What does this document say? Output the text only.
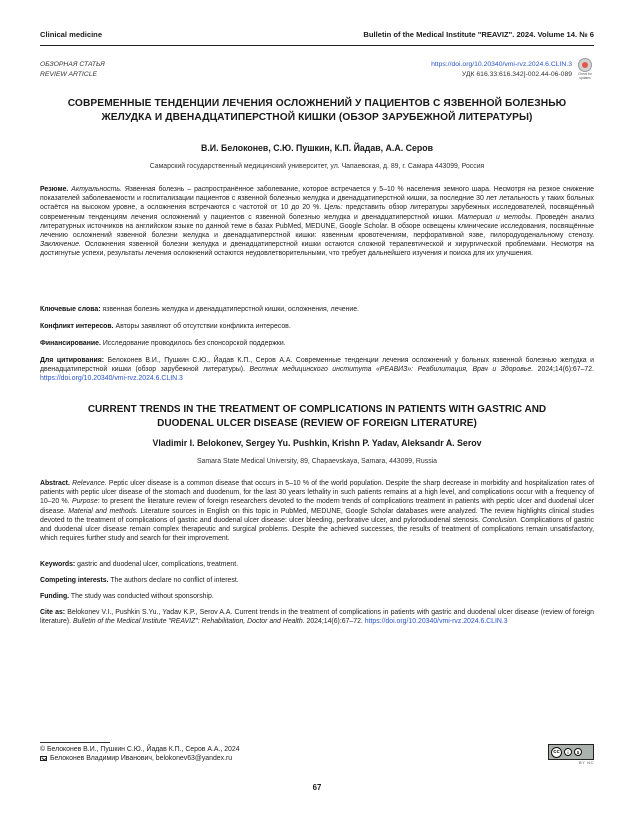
Clinical medicine	Bulletin of the Medical Institute "REAVIZ". 2024. Volume 14. № 6
ОБЗОРНАЯ СТАТЬЯ
REVIEW ARTICLE
https://doi.org/10.20340/vmi-rvz.2024.6.CLIN.3
УДК 616.33:616.342]-002.44-06-089	Check for updates
СОВРЕМЕННЫЕ ТЕНДЕНЦИИ ЛЕЧЕНИЯ ОСЛОЖНЕНИЙ У ПАЦИЕНТОВ С ЯЗВЕННОЙ БОЛЕЗНЬЮ ЖЕЛУДКА И ДВЕНАДЦАТИПЕРСТНОЙ КИШКИ (ОБЗОР ЗАРУБЕЖНОЙ ЛИТЕРАТУРЫ)
В.И. Белоконев, С.Ю. Пушкин, К.П. Йадав, А.А. Серов
Самарский государственный медицинский университет, ул. Чапаевская, д. 89, г. Самара 443099, Россия
Резюме. Актуальность. Язвенная болезнь – распространённое заболевание, которое встречается у 5–10 % населения земного шара. Несмотря на резкое снижение показателей заболеваемости и госпитализации пациентов с язвенной болезнью желудка и двенадцатиперстной кишки, за последние 30 лет летальность у таких больных остаётся на высоком уровне, а осложнения встречаются с частотой от 10 до 20 %. Цель: представить обзор литературы зарубежных исследователей, посвящённый современным тенденциям лечения осложнений у пациентов с язвенной болезнью желудка и двенадцатиперстной кишки. Материал и методы. Проведён анализ литературных источников на английском языке по данной теме в базах PubMed, MEDUNE, Google Scholar. В обзоре освещены клинические исследования, посвящённые лечению осложнений язвенной болезни желудка и двенадцатиперстной кишки: язвенным кровотечениям, перфоративной язве, пилородуоденальному стенозу. Заключение. Осложнения язвенной болезни желудка и двенадцатиперстной кишки остаются сложной терапевтической и хирургической проблемами. Несмотря на достигнутые успехи, результаты лечения осложнений остаются неудовлетворительными, что требует дальнейшего изучения и поиска для их улучшения.
Ключевые слова: язвенная болезнь желудка и двенадцатиперстной кишки, осложнения, лечение.
Конфликт интересов. Авторы заявляют об отсутствии конфликта интересов.
Финансирование. Исследование проводилось без спонсорской поддержки.
Для цитирования: Белоконев В.И., Пушкин С.Ю., Йадав К.П., Серов А.А. Современные тенденции лечения осложнений у больных язвенной болезнью желудка и двенадцатиперстной кишки (обзор зарубежной литературы). Вестник медицинского института «РЕАВИЗ»: Реабилитация, Врач и Здоровье. 2024;14(6):67–72. https://doi.org/10.20340/vmi-rvz.2024.6.CLIN.3
CURRENT TRENDS IN THE TREATMENT OF COMPLICATIONS IN PATIENTS WITH GASTRIC AND DUODENAL ULCER DISEASE (REVIEW OF FOREIGN LITERATURE)
Vladimir I. Belokonev, Sergey Yu. Pushkin, Krishn P. Yadav, Aleksandr A. Serov
Samara State Medical University, 89, Chapaevskaya, Samara, 443099, Russia
Abstract. Relevance. Peptic ulcer disease is a common disease that occurs in 5–10 % of the world population. Despite the sharp decrease in morbidity and hospitalization rates of patients with peptic ulcer disease of the stomach and duodenum, for the last 30 years lethality in such patients remains at a high level, and complications occur with a frequency of 10–20 %. Purpose: to present the literature review of foreign researchers devoted to the modern trends of complications treatment in patients with peptic ulcer and duodenal ulcer disease. Material and methods. Literature sources in English on this topic in PubMed, MEDUNE, Google Scholar databases were analyzed. The review highlights clinical studies devoted to the treatment of complications of gastric and duodenal ulcer disease: ulcer bleeding, perforative ulcer, and pyloroduodenal stenosis. Conclusion. Complications of gastric and duodenal ulcer disease remain complex therapeutic and surgical problems. Despite the achieved successes, the results of treatment of complications remain unsatisfactory, which requires further study and search for their improvement.
Keywords: gastric and duodenal ulcer, complications, treatment.
Competing interests. The authors declare no conflict of interest.
Funding. The study was conducted without sponsorship.
Cite as: Belokonev V.I., Pushkin S.Yu., Yadav K.P., Serov A.A. Current trends in the treatment of complications in patients with gastric and duodenal ulcer disease (review of foreign literature). Bulletin of the Medical Institute "REAVIZ": Rehabilitation, Doctor and Health. 2024;14(6):67–72. https://doi.org/10.20340/vmi-rvz.2024.6.CLIN.3
© Белоконев В.И., Пушкин С.Ю., Йадав К.П., Серов А.А., 2024
Белоконев Владимир Иванович, belokonev63@yandex.ru
cc	i	$
BY NC
67
